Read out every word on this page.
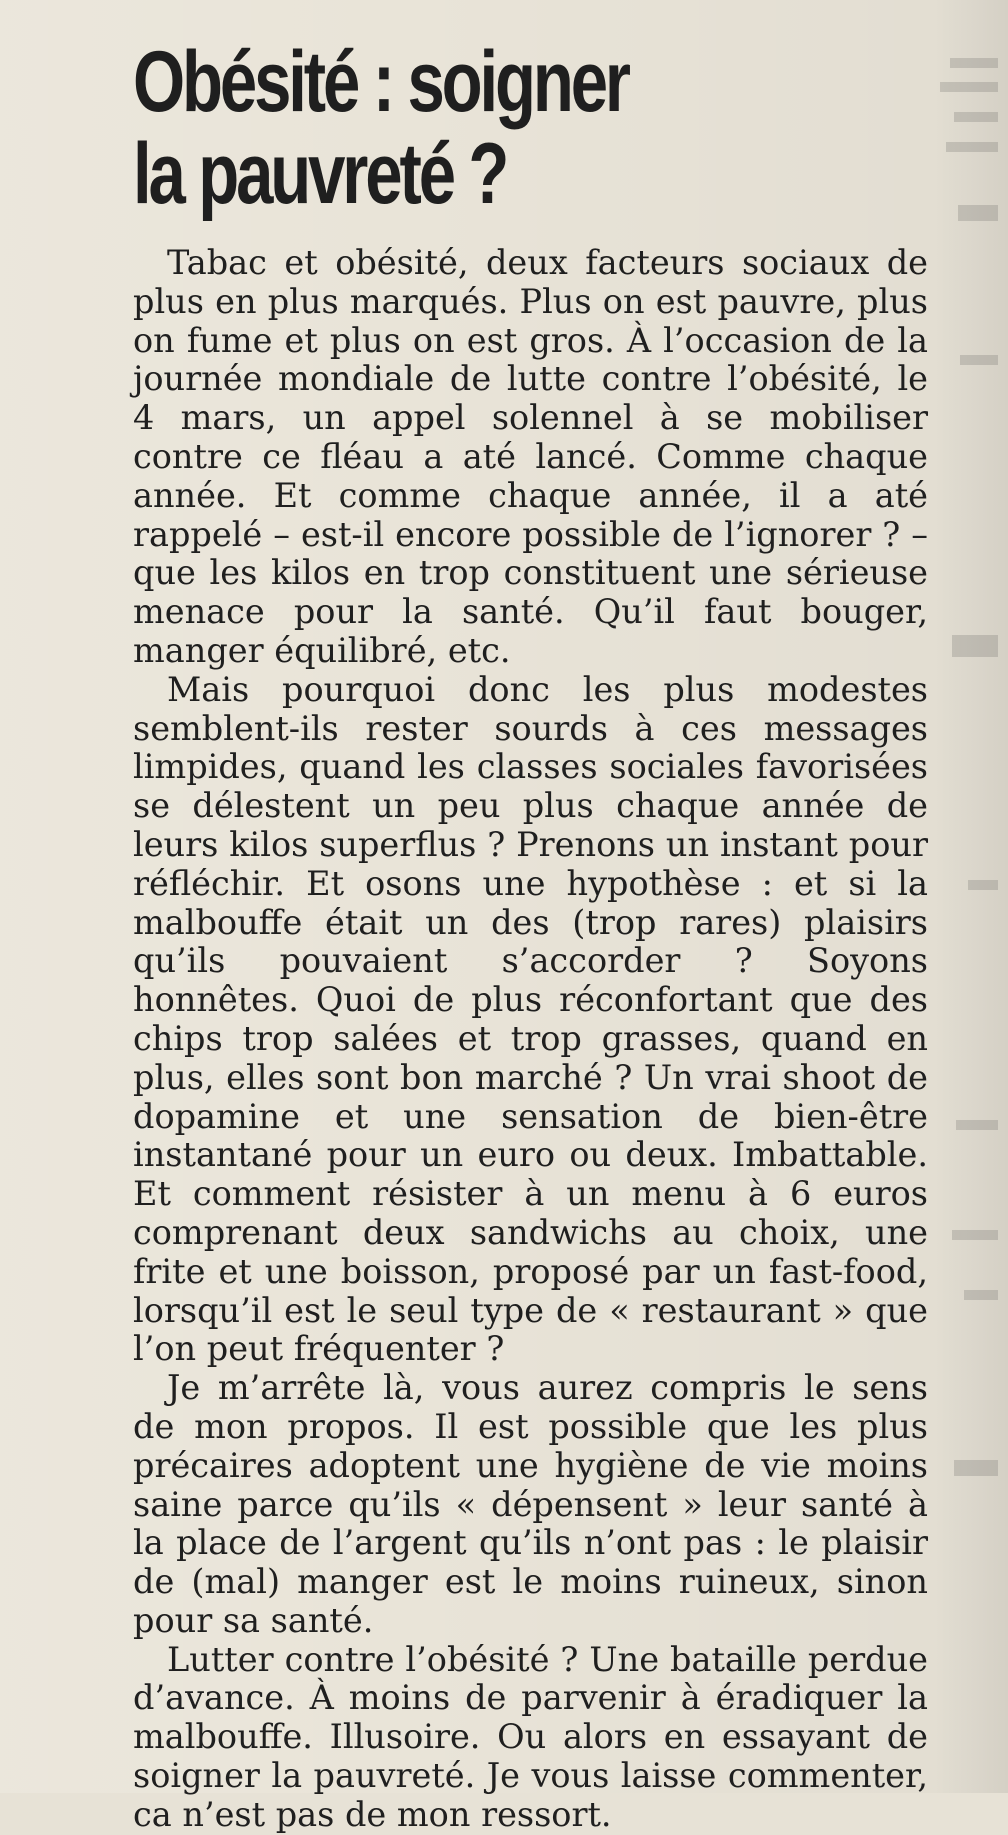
Obésité : soigner
la pauvreté ?

Tabac et obésité, deux facteurs sociaux de plus en plus marqués. Plus on est pauvre, plus on fume et plus on est gros. À l’occasion de la journée mondiale de lutte contre l’obésité, le 4 mars, un appel solennel à se mobiliser contre ce fléau a até lancé. Comme chaque année. Et comme chaque année, il a até rappelé – est-il encore possible de l’ignorer ? – que les kilos en trop constituent une sérieuse menace pour la santé. Qu’il faut bouger, manger équilibré, etc.

Mais pourquoi donc les plus modestes semblent-ils rester sourds à ces messages limpides, quand les classes sociales favorisées se délestent un peu plus chaque année de leurs kilos superflus ? Prenons un instant pour réfléchir. Et osons une hypothèse : et si la malbouffe était un des (trop rares) plaisirs qu’ils pouvaient s’accorder ? Soyons honnêtes. Quoi de plus réconfortant que des chips trop salées et trop grasses, quand en plus, elles sont bon marché ? Un vrai shoot de dopamine et une sensation de bien-être instantané pour un euro ou deux. Imbattable. Et comment résister à un menu à 6 euros comprenant deux sandwichs au choix, une frite et une boisson, proposé par un fast-food, lorsqu’il est le seul type de « restaurant » que l’on peut fréquenter ?

Je m’arrête là, vous aurez compris le sens de mon propos. Il est possible que les plus précaires adoptent une hygiène de vie moins saine parce qu’ils « dépensent » leur santé à la place de l’argent qu’ils n’ont pas : le plaisir de (mal) manger est le moins ruineux, sinon pour sa santé.

Lutter contre l’obésité ? Une bataille perdue d’avance. À moins de parvenir à éradiquer la malbouffe. Illusoire. Ou alors en essayant de soigner la pauvreté. Je vous laisse commenter, ca n’est pas de mon ressort.
